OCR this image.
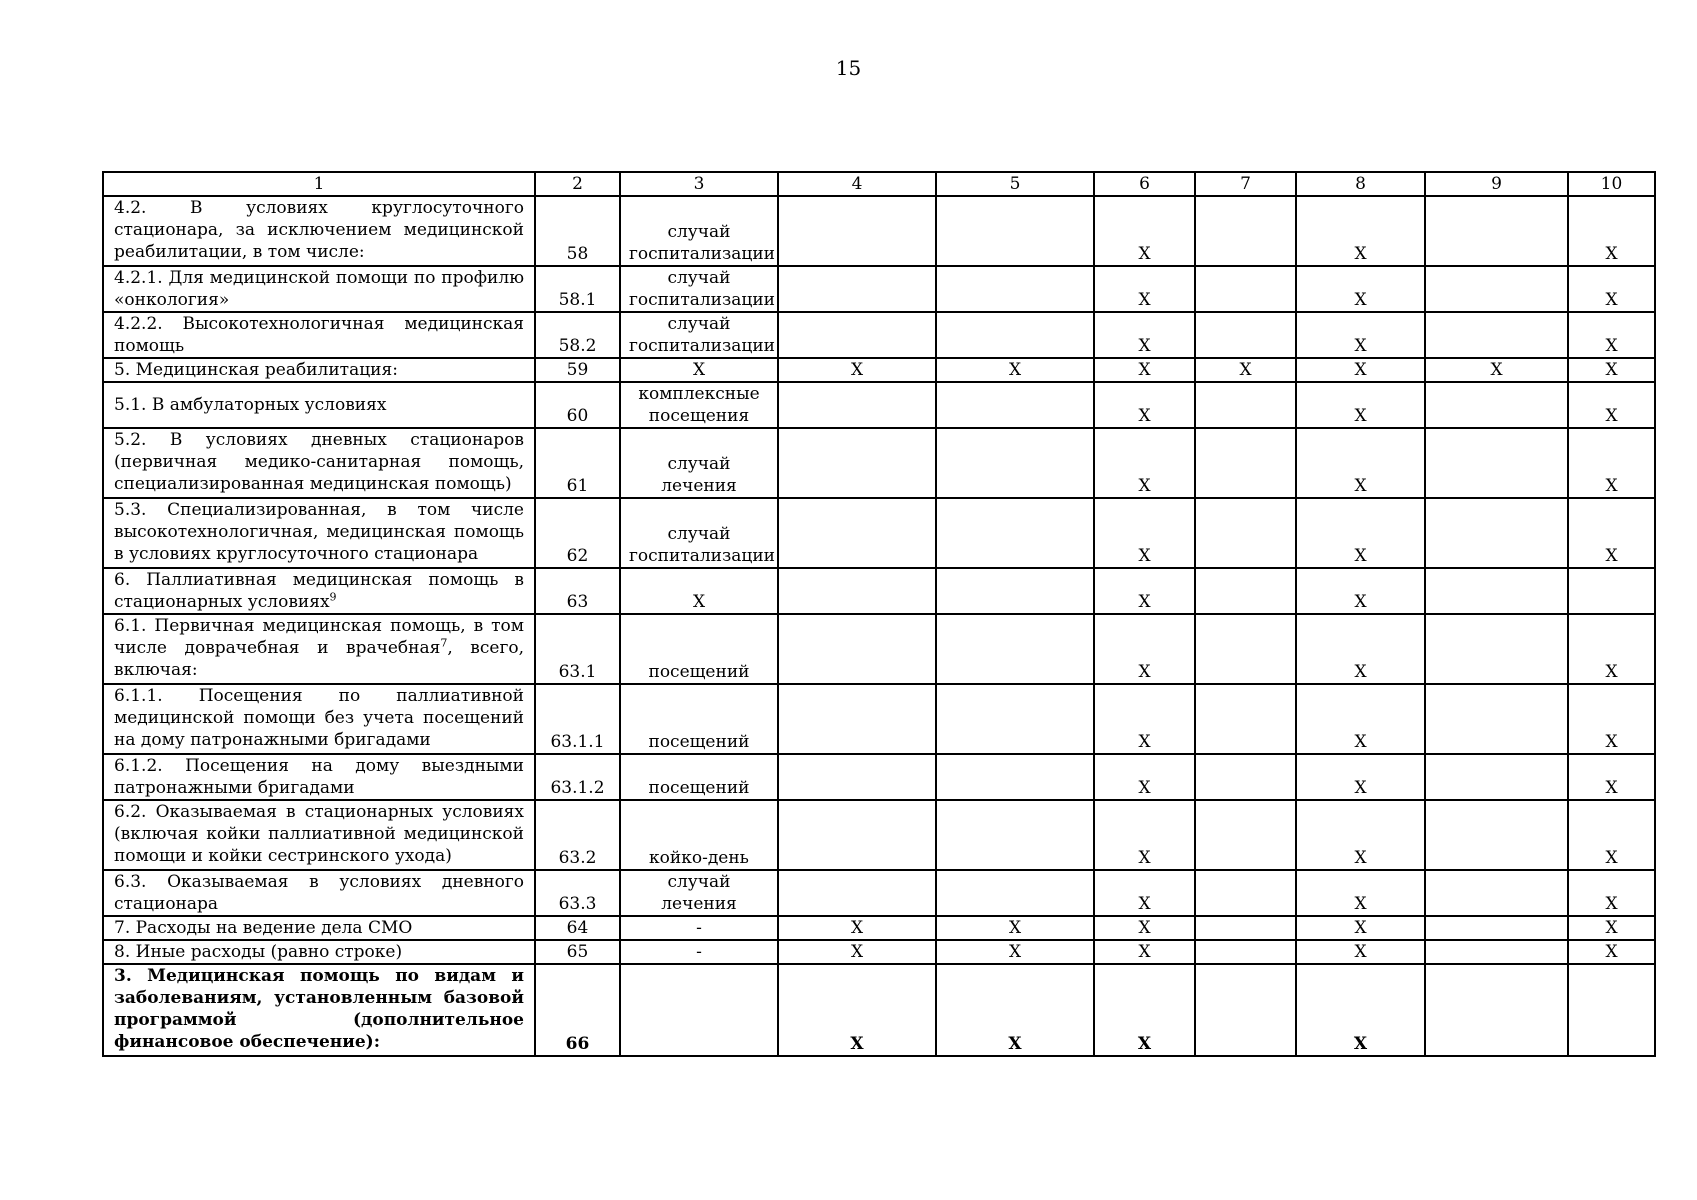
15
1	2	3	4	5	6	7	8	9	10
4.2. В условиях круглосуточного стационара, за исключением медицинской реабилитации, в том числе:	58	случай госпитализации			X		X		X
4.2.1. Для медицинской помощи по профилю «онкология»	58.1	случай госпитализации			X		X		X
4.2.2. Высокотехнологичная медицинская помощь	58.2	случай госпитализации			X		X		X
5. Медицинская реабилитация:	59	X	X	X	X	X	X	X	X
5.1. В амбулаторных условиях	60	комплексные посещения			X		X		X
5.2. В условиях дневных стационаров (первичная медико-санитарная помощь, специализированная медицинская помощь)	61	случай лечения			X		X		X
5.3. Специализированная, в том числе высокотехнологичная, медицинская помощь в условиях круглосуточного стационара	62	случай госпитализации			X		X		X
6. Паллиативная медицинская помощь в стационарных условиях$^9$	63	X			X		X		
6.1. Первичная медицинская помощь, в том числе доврачебная и врачебная$^7$, всего, включая:	63.1	посещений			X		X		X
6.1.1. Посещения по паллиативной медицинской помощи без учета посещений на дому патронажными бригадами	63.1.1	посещений			X		X		X
6.1.2. Посещения на дому выездными патронажными бригадами	63.1.2	посещений			X		X		X
6.2. Оказываемая в стационарных условиях (включая койки паллиативной медицинской помощи и койки сестринского ухода)	63.2	койко-день			X		X		X
6.3. Оказываемая в условиях дневного стационара	63.3	случай лечения			X		X		X
7. Расходы на ведение дела СМО	64	-	X	X	X		X		X
8. Иные расходы (равно строке)	65	-	X	X	X		X		X
3. Медицинская помощь по видам и заболеваниям, установленным базовой программой (дополнительное финансовое обеспечение):	66		X	X	X		X		
